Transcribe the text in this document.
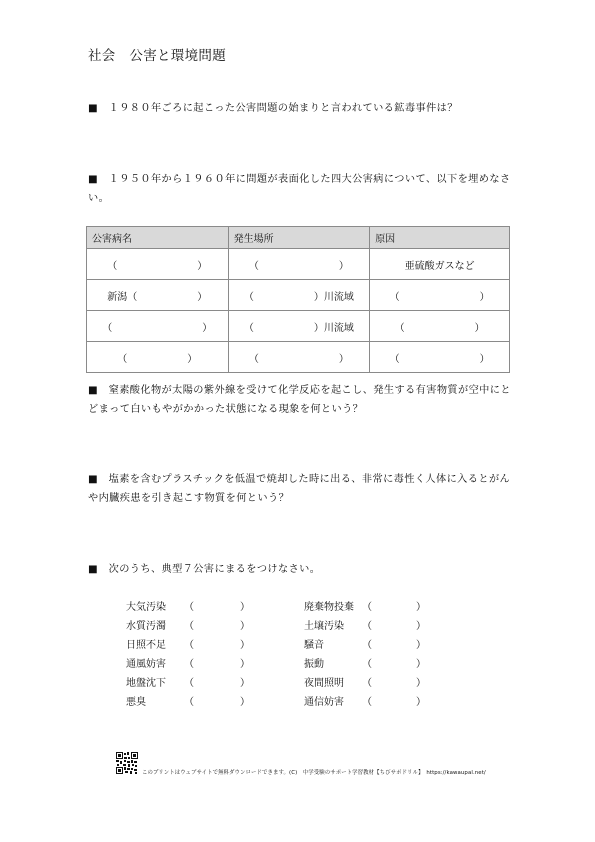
社会　公害と環境問題
■　１９８０年ごろに起こった公害問題の始まりと言われている鉱毒事件は？
■　１９５０年から１９６０年に問題が表面化した四大公害病について、以下を埋めなさ
い。
公害病名	発生場所	原因
（　　　　　　　　）	（　　　　　　　　）	亜硫酸ガスなど
新潟（　　　　　　）	（　　　　　　）川流域	（　　　　　　　　）
（　　　　　　　　　）	（　　　　　　）川流域	（　　　　　　　）
（　　　　　　）	（　　　　　　　　）	（　　　　　　　　）
■　窒素酸化物が太陽の紫外線を受けて化学反応を起こし、発生する有害物質が空中にと
どまって白いもやがかかった状態になる現象を何という？
■　塩素を含むプラスチックを低温で焼却した時に出る、非常に毒性く人体に入るとがん
や内臓疾患を引き起こす物質を何という？
■　次のうち、典型７公害にまるをつけなさい。
大気汚染 （	）
水質汚濁 （	）
日照不足 （	）
通風妨害 （	）
地盤沈下 （	）
悪臭	（	）
廃棄物投棄 （	）
土壌汚染 （	）
騒音	（	）
振動	（	）
夜間照明 （	）
通信妨害 （	）
このプリントはウェブサイトで無料ダウンロードできます。(C)　中学受験のサポート学習教材【ちびサポドリル】　https://kawaupal.net/
